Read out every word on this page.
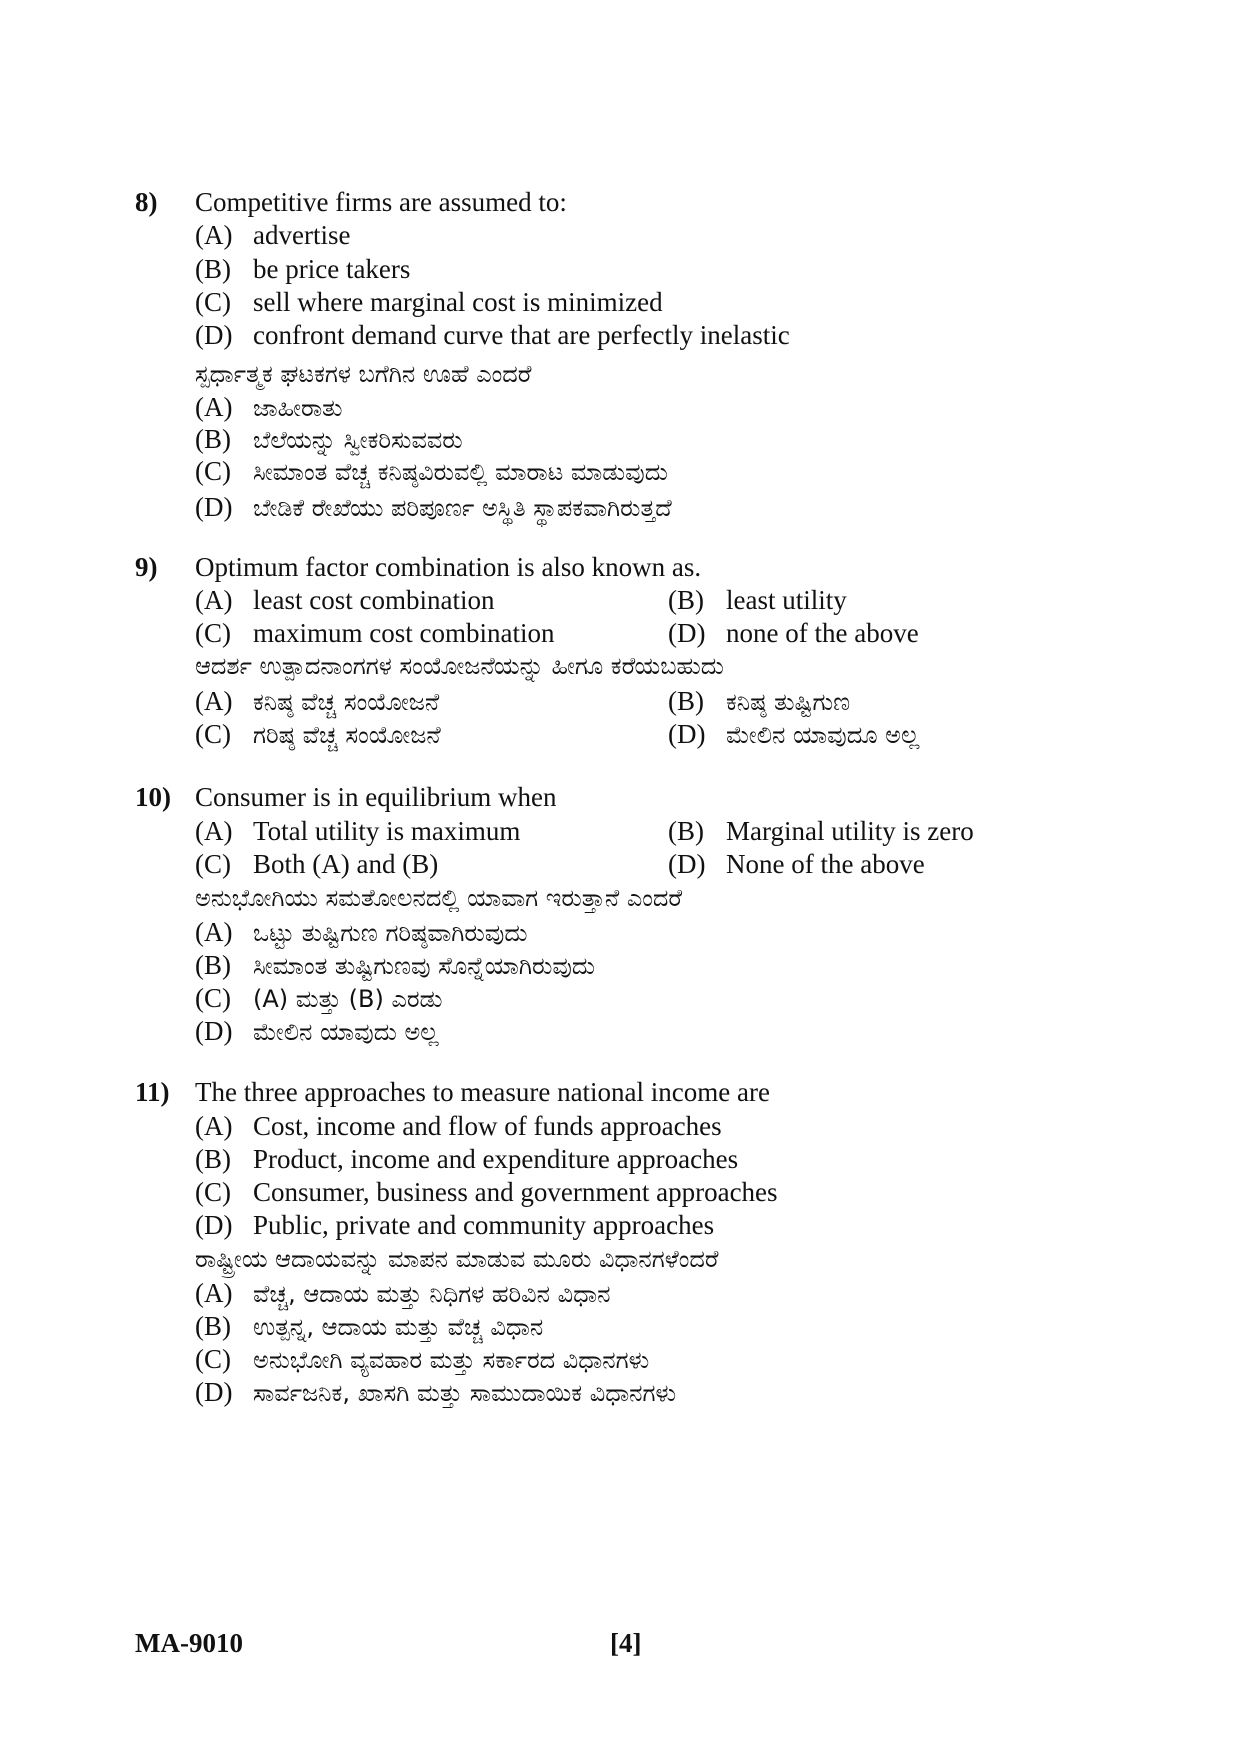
8) Competitive firms are assumed to:
(A) advertise
(B) be price takers
(C) sell where marginal cost is minimized
(D) confront demand curve that are perfectly inelastic
ಸ್ಪರ್ಧಾತ್ಮಕ ಘಟಕಗಳ ಬಗೆಗಿನ ಊಹೆ ಎಂದರೆ
(A) ಜಾಹೀರಾತು
(B) ಬೆಲೆಯನ್ನು ಸ್ವೀಕರಿಸುವವರು
(C) ಸೀಮಾಂತ ವೆಚ್ಚ ಕನಿಷ್ಠವಿರುವಲ್ಲಿ ಮಾರಾಟ ಮಾಡುವುದು
(D) ಬೇಡಿಕೆ ರೇಖೆಯು ಪರಿಪೂರ್ಣ ಅಸ್ಥಿತಿ ಸ್ಥಾಪಕವಾಗಿರುತ್ತದೆ
9) Optimum factor combination is also known as.
(A) least cost combination	(B) least utility
(C) maximum cost combination	(D) none of the above
ಆದರ್ಶ ಉತ್ಪಾದನಾಂಗಗಳ ಸಂಯೋಜನೆಯನ್ನು ಹೀಗೂ ಕರೆಯಬಹುದು
(A) ಕನಿಷ್ಠ ವೆಚ್ಚ ಸಂಯೋಜನೆ	(B) ಕನಿಷ್ಠ ತುಷ್ಟಿಗುಣ
(C) ಗರಿಷ್ಠ ವೆಚ್ಚ ಸಂಯೋಜನೆ	(D) ಮೇಲಿನ ಯಾವುದೂ ಅಲ್ಲ
10) Consumer is in equilibrium when
(A) Total utility is maximum	(B) Marginal utility is zero
(C) Both (A) and (B)	(D) None of the above
ಅನುಭೋಗಿಯು ಸಮತೋಲನದಲ್ಲಿ ಯಾವಾಗ ಇರುತ್ತಾನೆ ಎಂದರೆ
(A) ಒಟ್ಟು ತುಷ್ಟಿಗುಣ ಗರಿಷ್ಠವಾಗಿರುವುದು
(B) ಸೀಮಾಂತ ತುಷ್ಟಿಗುಣವು ಸೊನ್ನೆಯಾಗಿರುವುದು
(C) (A) ಮತ್ತು (B) ಎರಡು
(D) ಮೇಲಿನ ಯಾವುದು ಅಲ್ಲ
11) The three approaches to measure national income are
(A) Cost, income and flow of funds approaches
(B) Product, income and expenditure approaches
(C) Consumer, business and government approaches
(D) Public, private and community approaches
ರಾಷ್ಟ್ರೀಯ ಆದಾಯವನ್ನು ಮಾಪನ ಮಾಡುವ ಮೂರು ವಿಧಾನಗಳೆಂದರೆ
(A) ವೆಚ್ಚ, ಆದಾಯ ಮತ್ತು ನಿಧಿಗಳ ಹರಿವಿನ ವಿಧಾನ
(B) ಉತ್ಪನ್ನ, ಆದಾಯ ಮತ್ತು ವೆಚ್ಚ ವಿಧಾನ
(C) ಅನುಭೋಗಿ ವ್ಯವಹಾರ ಮತ್ತು ಸರ್ಕಾರದ ವಿಧಾನಗಳು
(D) ಸಾರ್ವಜನಿಕ, ಖಾಸಗಿ ಮತ್ತು ಸಾಮುದಾಯಿಕ ವಿಧಾನಗಳು
MA-9010	[4]
